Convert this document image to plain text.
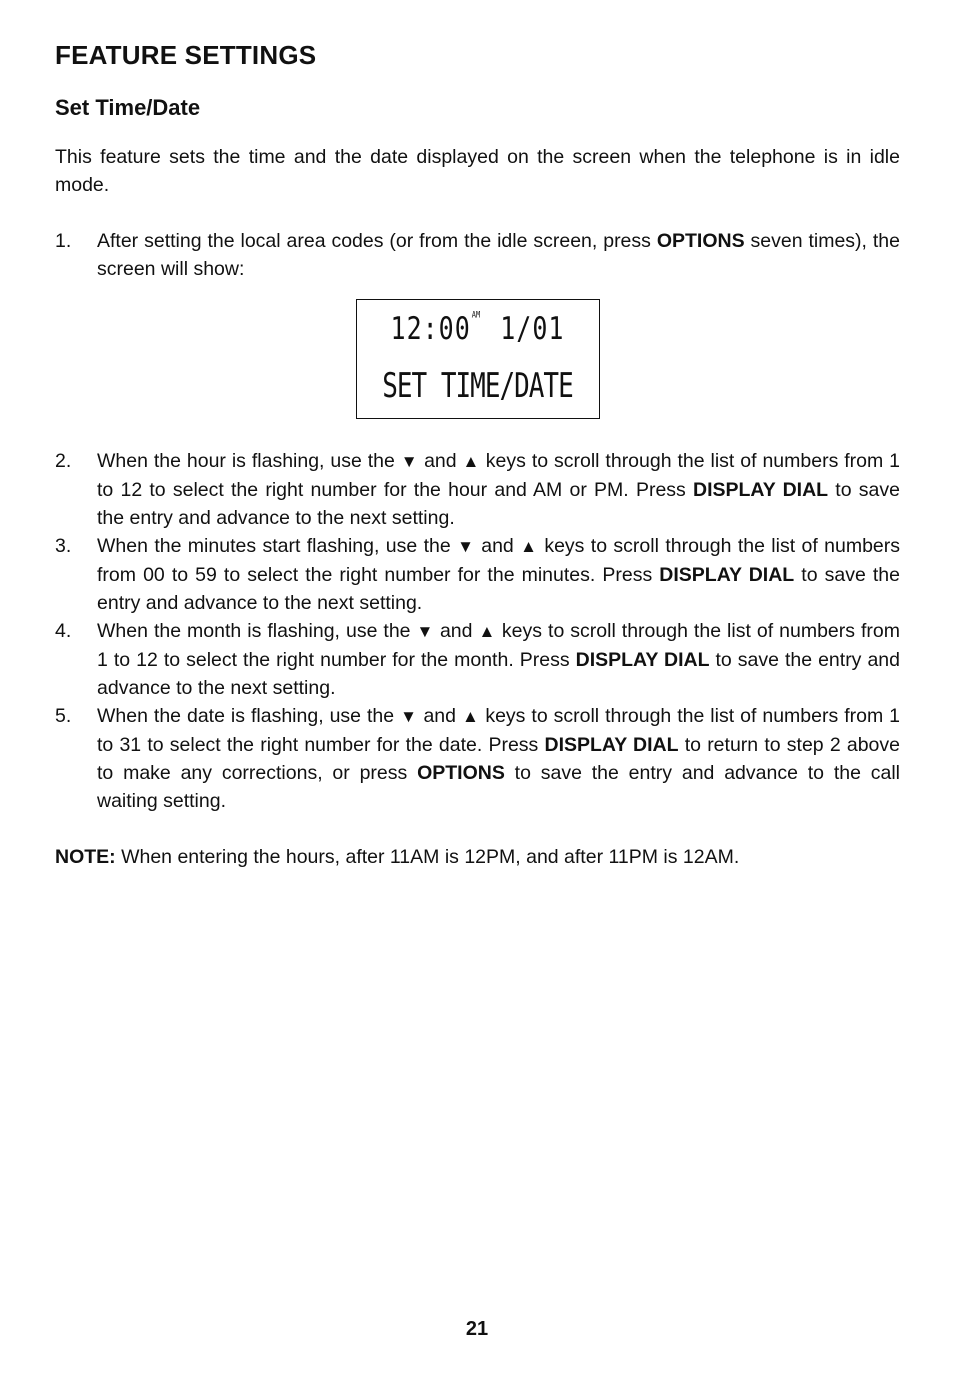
FEATURE SETTINGS
Set Time/Date

This feature sets the time and the date displayed on the screen when the telephone is in idle mode.

1. After setting the local area codes (or from the idle screen, press OPTIONS seven times), the screen will show:
$12:00^{AM}$ 1/01
SET TIME/DATE
2. When the hour is flashing, use the ▼ and ▲ keys to scroll through the list of numbers from 1 to 12 to select the right number for the hour and AM or PM. Press DISPLAY DIAL to save the entry and advance to the next setting.
3. When the minutes start flashing, use the ▼ and ▲ keys to scroll through the list of numbers from 00 to 59 to select the right number for the minutes. Press DISPLAY DIAL to save the entry and advance to the next setting.
4. When the month is flashing, use the ▼ and ▲ keys to scroll through the list of numbers from 1 to 12 to select the right number for the month. Press DISPLAY DIAL to save the entry and advance to the next setting.
5. When the date is flashing, use the ▼ and ▲ keys to scroll through the list of numbers from 1 to 31 to select the right number for the date. Press DISPLAY DIAL to return to step 2 above to make any corrections, or press OPTIONS to save the entry and advance to the call waiting setting.

NOTE: When entering the hours, after 11AM is 12PM, and after 11PM is 12AM.

21
